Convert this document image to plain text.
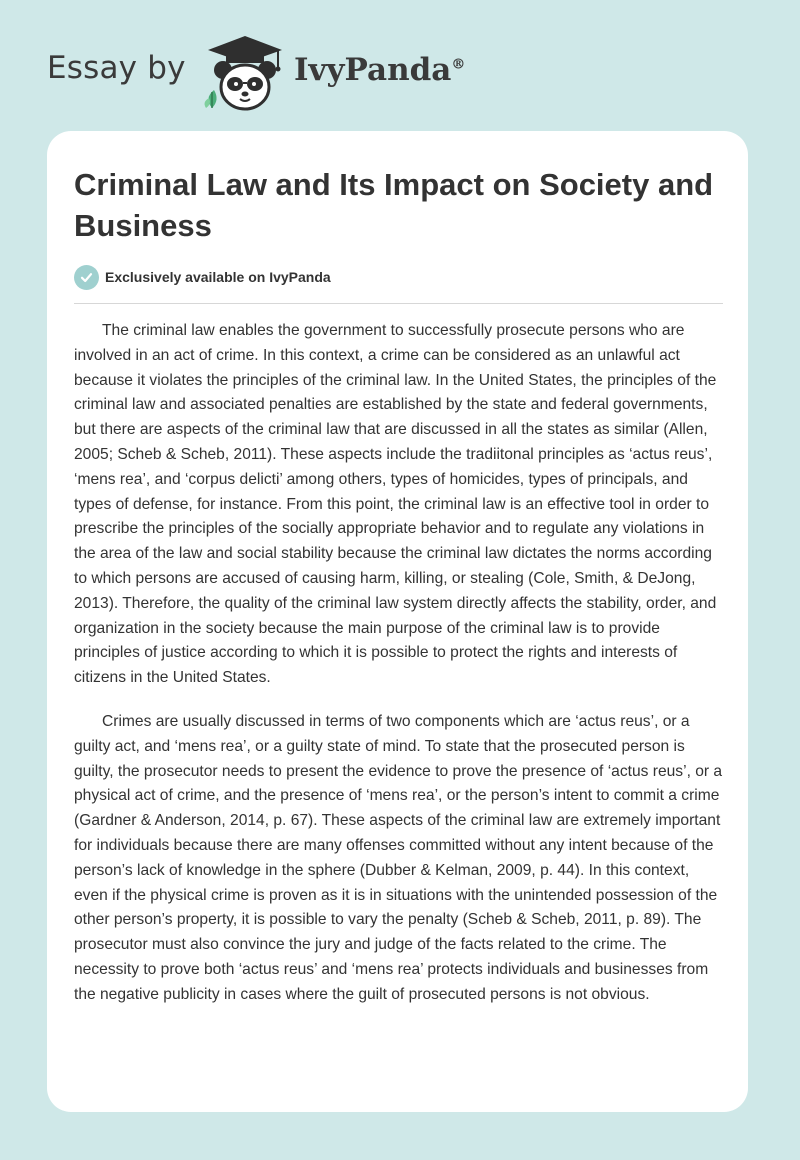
Essay by	IvyPanda®
Criminal Law and Its Impact on Society and Business
Exclusively available on IvyPanda

The criminal law enables the government to successfully prosecute persons who are involved in an act of crime. In this context, a crime can be considered as an unlawful act because it violates the principles of the criminal law. In the United States, the principles of the criminal law and associated penalties are established by the state and federal governments, but there are aspects of the criminal law that are discussed in all the states as similar (Allen, 2005; Scheb & Scheb, 2011). These aspects include the tradiitonal principles as ‘actus reus’, ‘mens rea’, and ‘corpus delicti’ among others, types of homicides, types of principals, and types of defense, for instance. From this point, the criminal law is an effective tool in order to prescribe the principles of the socially appropriate behavior and to regulate any violations in the area of the law and social stability because the criminal law dictates the norms according to which persons are accused of causing harm, killing, or stealing (Cole, Smith, & DeJong, 2013). Therefore, the quality of the criminal law system directly affects the stability, order, and organization in the society because the main purpose of the criminal law is to provide principles of justice according to which it is possible to protect the rights and interests of citizens in the United States.

Crimes are usually discussed in terms of two components which are ‘actus reus’, or a guilty act, and ‘mens rea’, or a guilty state of mind. To state that the prosecuted person is guilty, the prosecutor needs to present the evidence to prove the presence of ‘actus reus’, or a physical act of crime, and the presence of ‘mens rea’, or the person’s intent to commit a crime (Gardner & Anderson, 2014, p. 67). These aspects of the criminal law are extremely important for individuals because there are many offenses committed without any intent because of the person’s lack of knowledge in the sphere (Dubber & Kelman, 2009, p. 44). In this context, even if the physical crime is proven as it is in situations with the unintended possession of the other person’s property, it is possible to vary the penalty (Scheb & Scheb, 2011, p. 89). The prosecutor must also convince the jury and judge of the facts related to the crime. The necessity to prove both ‘actus reus’ and ‘mens rea’ protects individuals and businesses from the negative publicity in cases where the guilt of prosecuted persons is not obvious.
